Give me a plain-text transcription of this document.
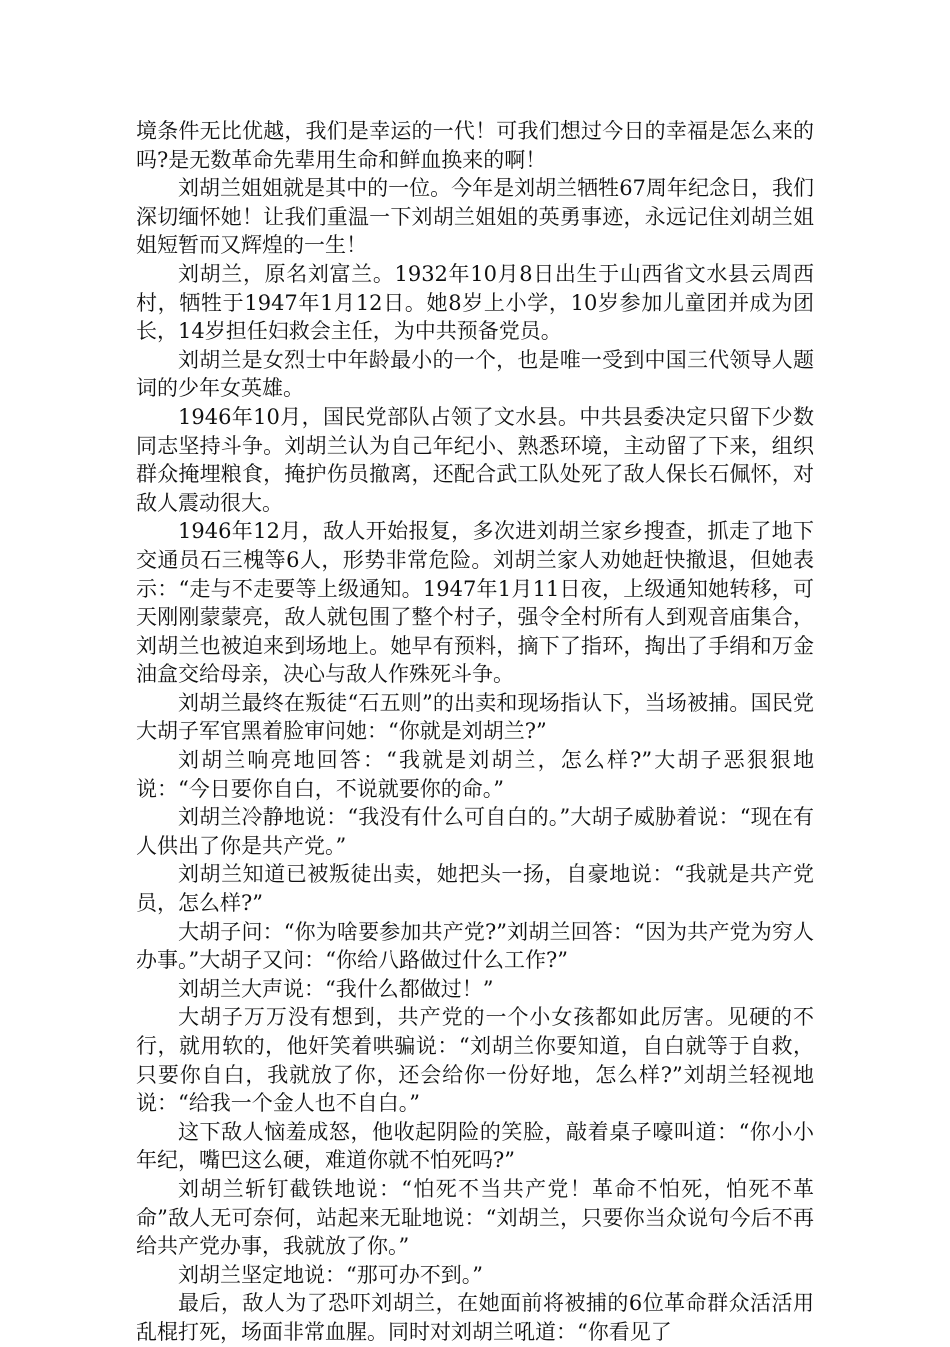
境条件无比优越，我们是幸运的一代！可我们想过今日的幸福是怎么来的吗?是无数革命先辈用生命和鲜血换来的啊！

刘胡兰姐姐就是其中的一位。今年是刘胡兰牺牲67周年纪念日，我们深切缅怀她！让我们重温一下刘胡兰姐姐的英勇事迹，永远记住刘胡兰姐姐短暂而又辉煌的一生！

刘胡兰，原名刘富兰。1932年10月8日出生于山西省文水县云周西村，牺牲于1947年1月12日。她8岁上小学，10岁参加儿童团并成为团长，14岁担任妇救会主任，为中共预备党员。

刘胡兰是女烈士中年龄最小的一个，也是唯一受到中国三代领导人题词的少年女英雄。

1946年10月，国民党部队占领了文水县。中共县委决定只留下少数同志坚持斗争。刘胡兰认为自己年纪小、熟悉环境，主动留了下来，组织群众掩埋粮食，掩护伤员撤离，还配合武工队处死了敌人保长石佩怀，对敌人震动很大。

1946年12月，敌人开始报复，多次进刘胡兰家乡搜查，抓走了地下交通员石三槐等6人，形势非常危险。刘胡兰家人劝她赶快撤退，但她表示：“走与不走要等上级通知。1947年1月11日夜，上级通知她转移，可天刚刚蒙蒙亮，敌人就包围了整个村子，强令全村所有人到观音庙集合，刘胡兰也被迫来到场地上。她早有预料，摘下了指环，掏出了手绢和万金油盒交给母亲，决心与敌人作殊死斗争。

刘胡兰最终在叛徒“石五则”的出卖和现场指认下，当场被捕。国民党大胡子军官黑着脸审问她：“你就是刘胡兰?”

刘胡兰响亮地回答：“我就是刘胡兰，怎么样?”大胡子恶狠狠地说：“今日要你自白，不说就要你的命。”

刘胡兰冷静地说：“我没有什么可自白的。”大胡子威胁着说：“现在有人供出了你是共产党。”

刘胡兰知道已被叛徒出卖，她把头一扬，自豪地说：“我就是共产党员，怎么样?”

大胡子问：“你为啥要参加共产党?”刘胡兰回答：“因为共产党为穷人办事。”大胡子又问：“你给八路做过什么工作?”

刘胡兰大声说：“我什么都做过！”

大胡子万万没有想到，共产党的一个小女孩都如此厉害。见硬的不行，就用软的，他奸笑着哄骗说：“刘胡兰你要知道，自白就等于自救，只要你自白，我就放了你，还会给你一份好地，怎么样?”刘胡兰轻视地说：“给我一个金人也不自白。”

这下敌人恼羞成怒，他收起阴险的笑脸，敲着桌子嚎叫道：“你小小年纪，嘴巴这么硬，难道你就不怕死吗?”

刘胡兰斩钉截铁地说：“怕死不当共产党！革命不怕死，怕死不革命”敌人无可奈何，站起来无耻地说：“刘胡兰，只要你当众说句今后不再给共产党办事，我就放了你。”

刘胡兰坚定地说：“那可办不到。”

最后，敌人为了恐吓刘胡兰，在她面前将被捕的6位革命群众活活用乱棍打死，场面非常血腥。同时对刘胡兰吼道：“你看见了
